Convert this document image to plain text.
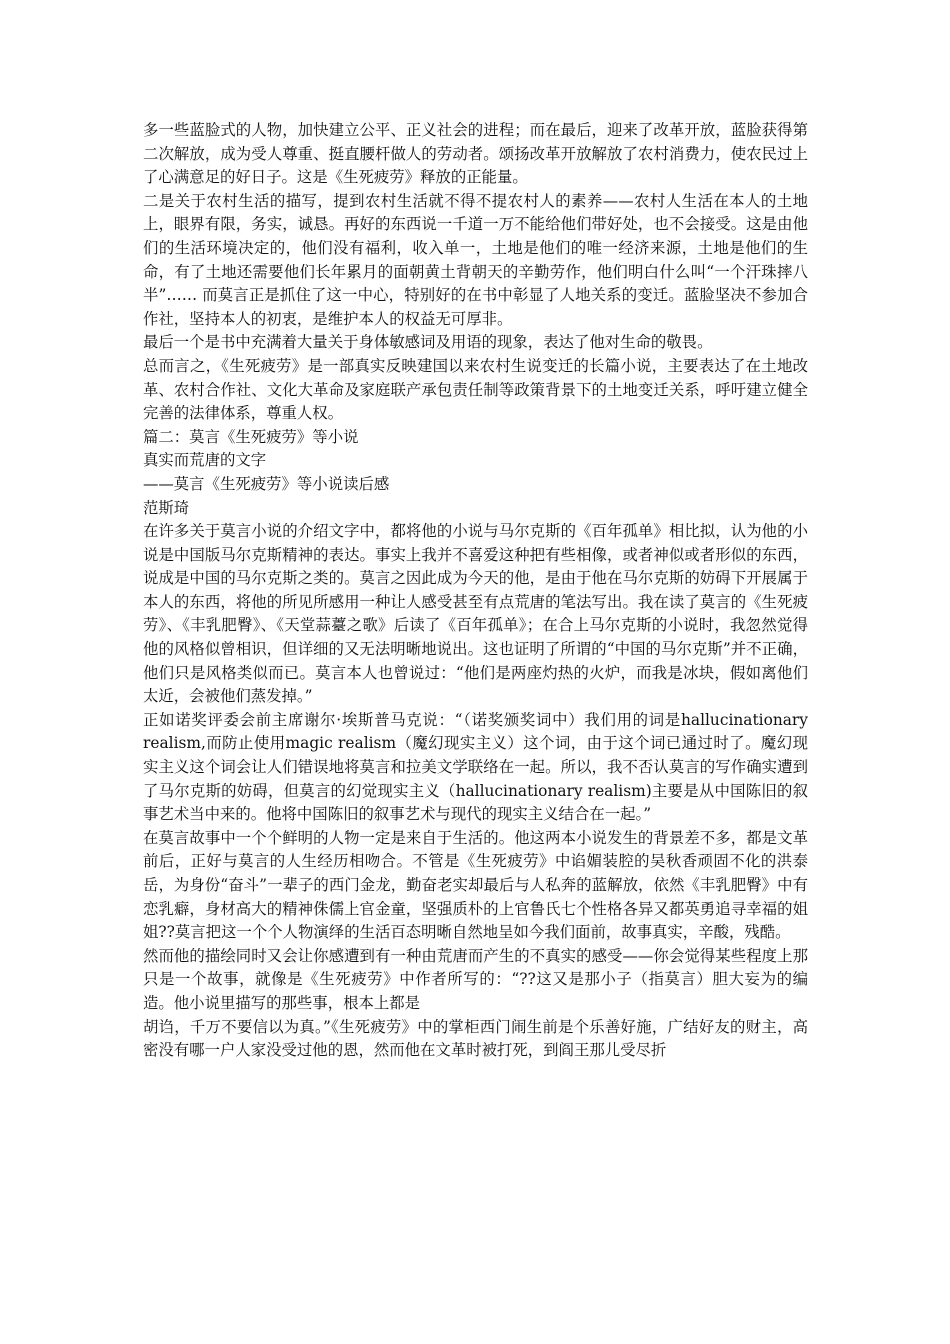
多一些蓝脸式的人物，加快建立公平、正义社会的进程；而在最后，迎来了改革开放，蓝脸获得第二次解放，成为受人尊重、挺直腰杆做人的劳动者。颂扬改革开放解放了农村消费力，使农民过上了心满意足的好日子。这是《生死疲劳》释放的正能量。

二是关于农村生活的描写，提到农村生活就不得不提农村人的素养——农村人生活在本人的土地上，眼界有限，务实，诚恳。再好的东西说一千道一万不能给他们带好处，也不会接受。这是由他们的生活环境决定的，他们没有福利，收入单一，土地是他们的唯一经济来源，土地是他们的生命，有了土地还需要他们长年累月的面朝黄土背朝天的辛勤劳作，他们明白什么叫“一个汗珠摔八半”‥‥‥ 而莫言正是抓住了这一中心，特别好的在书中彰显了人地关系的变迁。蓝脸坚决不参加合作社，坚持本人的初衷，是维护本人的权益无可厚非。

最后一个是书中充满着大量关于身体敏感词及用语的现象，表达了他对生命的敬畏。

总而言之，《生死疲劳》是一部真实反映建国以来农村生说变迁的长篇小说，主要表达了在土地改革、农村合作社、文化大革命及家庭联产承包责任制等政策背景下的土地变迁关系，呼吁建立健全完善的法律体系，尊重人权。

篇二：莫言《生死疲劳》等小说

真实而荒唐的文字

——莫言《生死疲劳》等小说读后感

范斯琦

在许多关于莫言小说的介绍文字中，都将他的小说与马尔克斯的《百年孤单》相比拟，认为他的小说是中国版马尔克斯精神的表达。事实上我并不喜爱这种把有些相像，或者神似或者形似的东西，说成是中国的马尔克斯之类的。莫言之因此成为今天的他，是由于他在马尔克斯的妨碍下开展属于本人的东西，将他的所见所感用一种让人感受甚至有点荒唐的笔法写出。我在读了莫言的《生死疲劳》、《丰乳肥臀》、《天堂蒜薹之歌》后读了《百年孤单》；在合上马尔克斯的小说时，我忽然觉得他的风格似曾相识，但详细的又无法明晰地说出。这也证明了所谓的“中国的马尔克斯”并不正确，他们只是风格类似而已。莫言本人也曾说过：“他们是两座灼热的火炉，而我是冰块，假如离他们太近，会被他们蒸发掉。”

正如诺奖评委会前主席谢尔·埃斯普马克说：“（诺奖颁奖词中）我们用的词是hallucinationary realism,而防止使用magic realism（魔幻现实主义）这个词，由于这个词已通过时了。魔幻现实主义这个词会让人们错误地将莫言和拉美文学联络在一起。所以，我不否认莫言的写作确实遭到了马尔克斯的妨碍，但莫言的幻觉现实主义（hallucinationary realism)主要是从中国陈旧的叙事艺术当中来的。他将中国陈旧的叙事艺术与现代的现实主义结合在一起。”

在莫言故事中一个个鲜明的人物一定是来自于生活的。他这两本小说发生的背景差不多，都是文革前后，正好与莫言的人生经历相吻合。不管是《生死疲劳》中谄媚装腔的吴秋香顽固不化的洪泰岳，为身份“奋斗”一辈子的西门金龙，勤奋老实却最后与人私奔的蓝解放，依然《丰乳肥臀》中有恋乳癖，身材高大的精神侏儒上官金童，坚强质朴的上官鲁氏七个性格各异又都英勇追寻幸福的姐姐??莫言把这一个个人物演绎的生活百态明晰自然地呈如今我们面前，故事真实，辛酸，残酷。

然而他的描绘同时又会让你感遭到有一种由荒唐而产生的不真实的感受——你会觉得某些程度上那只是一个故事，就像是《生死疲劳》中作者所写的：“??这又是那小子（指莫言）胆大妄为的编造。他小说里描写的那些事，根本上都是

胡诌，千万不要信以为真。”《生死疲劳》中的掌柜西门闹生前是个乐善好施，广结好友的财主，高密没有哪一户人家没受过他的恩，然而他在文革时被打死，到阎王那儿受尽折
